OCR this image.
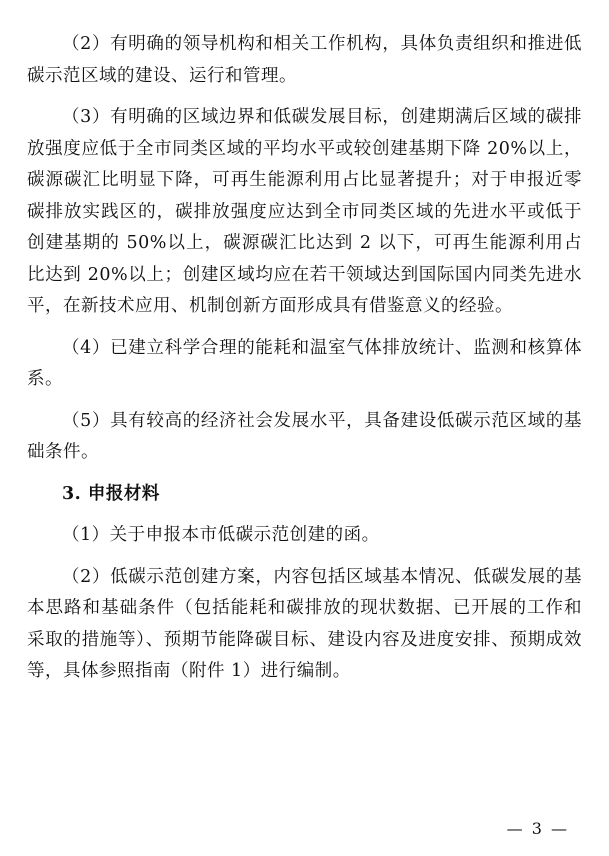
（2）有明确的领导机构和相关工作机构，具体负责组织和推进低碳示范区域的建设、运行和管理。

（3）有明确的区域边界和低碳发展目标，创建期满后区域的碳排放强度应低于全市同类区域的平均水平或较创建基期下降 20%以上，碳源碳汇比明显下降，可再生能源利用占比显著提升；对于申报近零碳排放实践区的，碳排放强度应达到全市同类区域的先进水平或低于创建基期的 50%以上，碳源碳汇比达到 2 以下，可再生能源利用占比达到 20%以上；创建区域均应在若干领域达到国际国内同类先进水平，在新技术应用、机制创新方面形成具有借鉴意义的经验。

（4）已建立科学合理的能耗和温室气体排放统计、监测和核算体系。

（5）具有较高的经济社会发展水平，具备建设低碳示范区域的基础条件。

3. 申报材料

（1）关于申报本市低碳示范创建的函。

（2）低碳示范创建方案，内容包括区域基本情况、低碳发展的基本思路和基础条件（包括能耗和碳排放的现状数据、已开展的工作和采取的措施等）、预期节能降碳目标、建设内容及进度安排、预期成效等，具体参照指南（附件 1）进行编制。

— 3 —
